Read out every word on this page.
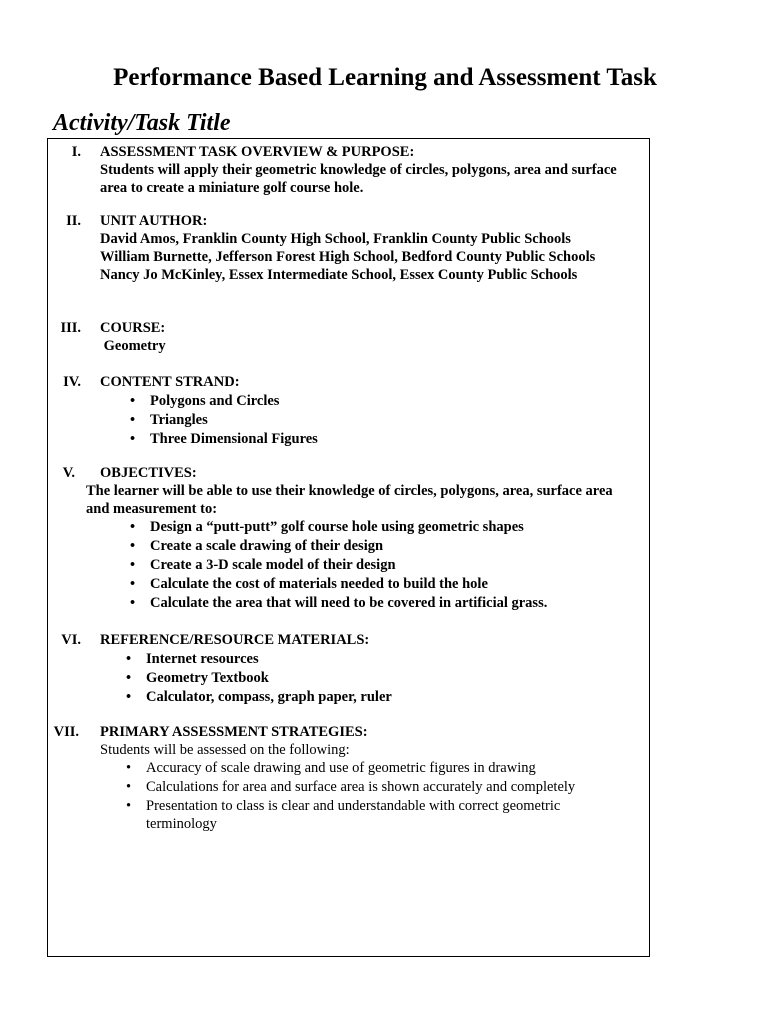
Performance Based Learning and Assessment Task
Activity/Task Title
I. ASSESSMENT TASK OVERVIEW & PURPOSE:
Students will apply their geometric knowledge of circles, polygons, area and surface
area to create a miniature golf course hole.
II. UNIT AUTHOR:
David Amos, Franklin County High School, Franklin County Public Schools
William Burnette, Jefferson Forest High School, Bedford County Public Schools
Nancy Jo McKinley, Essex Intermediate School, Essex County Public Schools
III. COURSE:
Geometry
IV. CONTENT STRAND:
• Polygons and Circles
• Triangles
• Three Dimensional Figures
V. OBJECTIVES:
The learner will be able to use their knowledge of circles, polygons, area, surface area
and measurement to:
• Design a “putt-putt” golf course hole using geometric shapes
• Create a scale drawing of their design
• Create a 3-D scale model of their design
• Calculate the cost of materials needed to build the hole
• Calculate the area that will need to be covered in artificial grass.
VI. REFERENCE/RESOURCE MATERIALS:
• Internet resources
• Geometry Textbook
• Calculator, compass, graph paper, ruler
VII. PRIMARY ASSESSMENT STRATEGIES:
Students will be assessed on the following:
• Accuracy of scale drawing and use of geometric figures in drawing
• Calculations for area and surface area is shown accurately and completely
• Presentation to class is clear and understandable with correct geometric terminology
